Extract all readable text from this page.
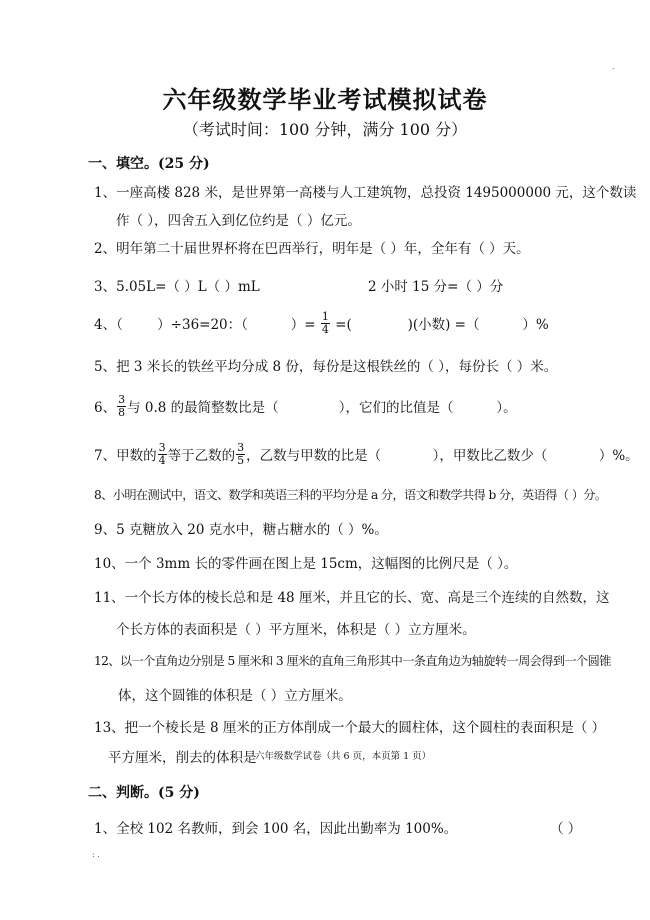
.
六年级数学毕业考试模拟试卷
（考试时间：100 分钟，满分 100 分）
一、填空。(25 分)
1、一座高楼 828 米，是世界第一高楼与人工建筑物，总投资 1495000000 元，这个数读
作（ ），四舍五入到亿位约是（ ）亿元。
2、明年第二十届世界杯将在巴西举行，明年是（ ）年，全年有（ ）天。
3、5.05L=（ ）L（ ）mL	2 小时 15 分=（ ）分
4、（        ）÷36=20：（          ）= $\frac{1}{4}$ =(             )(小数) =（          ）%
5、把 3 米长的铁丝平均分成 8 份，每份是这根铁丝的（ ），每份长（ ）米。
6、 $\frac{3}{8}$ 与 0.8 的最简整数比是（              ），它们的比值是（          ）。
7、甲数的 $\frac{3}{4}$ 等于乙数的 $\frac{3}{5}$ ，乙数与甲数的比是（            ），甲数比乙数少（            ）%。
8、小明在测试中，语文、数学和英语三科的平均分是 a 分，语文和数学共得 b 分，英语得（ ）分。
9、5 克糖放入 20 克水中，糖占糖水的（ ）%。
10、一个 3mm 长的零件画在图上是 15cm，这幅图的比例尺是（ ）。
11、一个长方体的棱长总和是 48 厘米，并且它的长、宽、高是三个连续的自然数，这
个长方体的表面积是（ ）平方厘米，体积是（ ）立方厘米。
12、以一个直角边分别是 5 厘米和 3 厘米的直角三角形其中一条直角边为轴旋转一周会得到一个圆锥
体，这个圆锥的体积是（ ）立方厘米。
13、把一个棱长是 8 厘米的正方体削成一个最大的圆柱体，这个圆柱的表面积是（ ）
平方厘米，削去的体积是
六年级数学试卷（共 6 页，本页第 1 页）
二、判断。(5 分)
1、全校 102 名教师，到会 100 名，因此出勤率为 100%。	（ ）
: .
